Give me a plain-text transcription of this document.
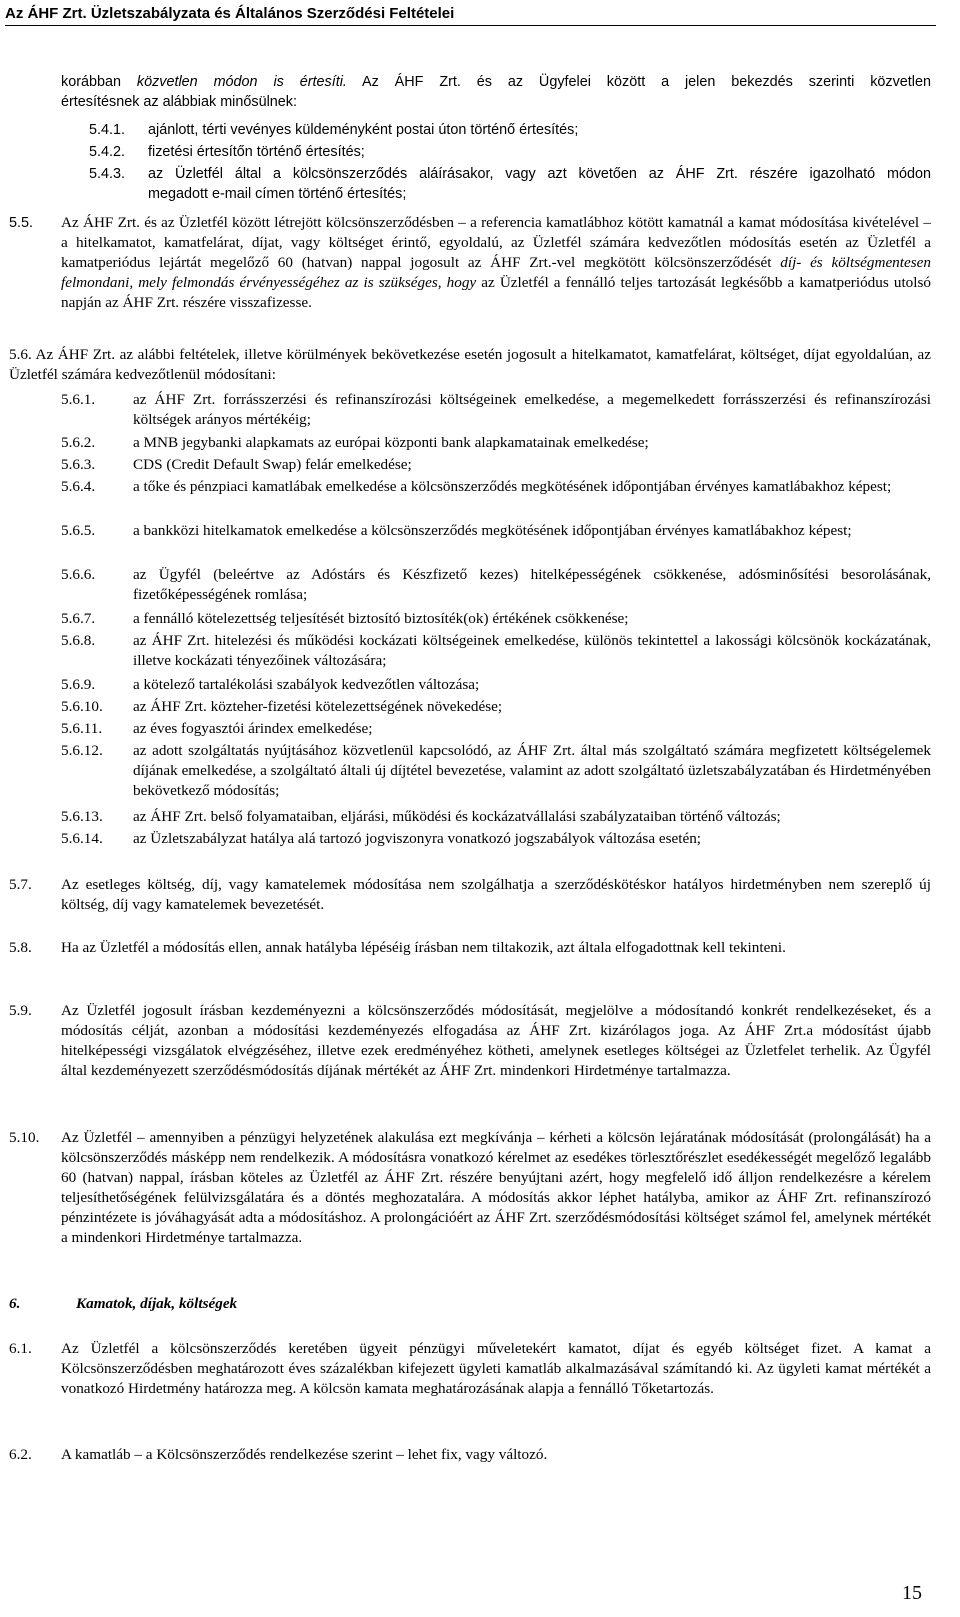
Az ÁHF Zrt. Üzletszabályzata és Általános Szerződési Feltételei
korábban közvetlen módon is értesíti. Az ÁHF Zrt. és az Ügyfelei között a jelen bekezdés szerinti közvetlen
értesítésnek az alábbiak minősülnek:
5.4.1. ajánlott, térti vevényes küldeményként postai úton történő értesítés;
5.4.2. fizetési értesítőn történő értesítés;
5.4.3. az Üzletfél által a kölcsönszerződés aláírásakor, vagy azt követően az ÁHF Zrt. részére igazolható módon
megadott e-mail címen történő értesítés;
5.5. Az ÁHF Zrt. és az Üzletfél között létrejött kölcsönszerződésben – a referencia kamatlábhoz kötött kamatnál a kamat módosítása kivételével – a hitelkamatot, kamatfelárat, díjat, vagy költséget érintő, egyoldalú, az Üzletfél számára kedvezőtlen módosítás esetén az Üzletfél a kamatperiódus lejártát megelőző 60 (hatvan) nappal jogosult az ÁHF Zrt.-vel megkötött kölcsönszerződését díj- és költségmentesen felmondani, mely felmondás érvényességéhez az is szükséges, hogy az Üzletfél a fennálló teljes tartozását legkésőbb a kamatperiódus utolsó napján az ÁHF Zrt. részére visszafizesse.
5.6. Az ÁHF Zrt. az alábbi feltételek, illetve körülmények bekövetkezése esetén jogosult a hitelkamatot, kamatfelárat, költséget, díjat egyoldalúan, az Üzletfél számára kedvezőtlenül módosítani:
5.6.1. az ÁHF Zrt. forrásszerzési és refinanszírozási költségeinek emelkedése, a megemelkedett forrásszerzési és refinanszírozási költségek arányos mértékéig;
5.6.2. a MNB jegybanki alapkamats az európai központi bank alapkamatainak emelkedése;
5.6.3. CDS (Credit Default Swap) felár emelkedése;
5.6.4. a tőke és pénzpiaci kamatlábak emelkedése a kölcsönszerződés megkötésének időpontjában érvényes kamatlábakhoz képest;
5.6.5. a bankközi hitelkamatok emelkedése a kölcsönszerződés megkötésének időpontjában érvényes kamatlábakhoz képest;
5.6.6. az Ügyfél (beleértve az Adóstárs és Készfizető kezes) hitelképességének csökkenése, adósminősítési besorolásának, fizetőképességének romlása;
5.6.7. a fennálló kötelezettség teljesítését biztosító biztosíték(ok) értékének csökkenése;
5.6.8. az ÁHF Zrt. hitelezési és működési kockázati költségeinek emelkedése, különös tekintettel a lakossági kölcsönök kockázatának, illetve kockázati tényezőinek változására;
5.6.9. a kötelező tartalékolási szabályok kedvezőtlen változása;
5.6.10. az ÁHF Zrt. közteher-fizetési kötelezettségének növekedése;
5.6.11. az éves fogyasztói árindex emelkedése;
5.6.12. az adott szolgáltatás nyújtásához közvetlenül kapcsolódó, az ÁHF Zrt. által más szolgáltató számára megfizetett költségelemek díjának emelkedése, a szolgáltató általi új díjtétel bevezetése, valamint az adott szolgáltató üzletszabályzatában és Hirdetményében bekövetkező módosítás;
5.6.13. az ÁHF Zrt. belső folyamataiban, eljárási, működési és kockázatvállalási szabályzataiban történő változás;
5.6.14. az Üzletszabályzat hatálya alá tartozó jogviszonyra vonatkozó jogszabályok változása esetén;
5.7. Az esetleges költség, díj, vagy kamatelemek módosítása nem szolgálhatja a szerződéskötéskor hatályos hirdetményben nem szereplő új költség, díj vagy kamatelemek bevezetését.
5.8. Ha az Üzletfél a módosítás ellen, annak hatályba lépéséig írásban nem tiltakozik, azt általa elfogadottnak kell tekinteni.
5.9. Az Üzletfél jogosult írásban kezdeményezni a kölcsönszerződés módosítását, megjelölve a módosítandó konkrét rendelkezéseket, és a módosítás célját, azonban a módosítási kezdeményezés elfogadása az ÁHF Zrt. kizárólagos joga. Az ÁHF Zrt.a módosítást újabb hitelképességi vizsgálatok elvégzéséhez, illetve ezek eredményéhez kötheti, amelynek esetleges költségei az Üzletfelet terhelik. Az Ügyfél által kezdeményezett szerződésmódosítás díjának mértékét az ÁHF Zrt. mindenkori Hirdetménye tartalmazza.
5.10. Az Üzletfél – amennyiben a pénzügyi helyzetének alakulása ezt megkívánja – kérheti a kölcsön lejáratának módosítását (prolongálását) ha a kölcsönszerződés másképp nem rendelkezik. A módosításra vonatkozó kérelmet az esedékes törlesztőrészlet esedékességét megelőző legalább 60 (hatvan) nappal, írásban köteles az Üzletfél az ÁHF Zrt. részére benyújtani azért, hogy megfelelő idő álljon rendelkezésre a kérelem teljesíthetőségének felülvizsgálatára és a döntés meghozatalára. A módosítás akkor léphet hatályba, amikor az ÁHF Zrt. refinanszírozó pénzintézete is jóváhagyását adta a módosításhoz. A prolongációért az ÁHF Zrt. szerződésmódosítási költséget számol fel, amelynek mértékét a mindenkori Hirdetménye tartalmazza.
6.	Kamatok, díjak, költségek
6.1. Az Üzletfél a kölcsönszerződés keretében ügyeit pénzügyi műveletekért kamatot, díjat és egyéb költséget fizet. A kamat a Kölcsönszerződésben meghatározott éves százalékban kifejezett ügyleti kamatláb alkalmazásával számítandó ki. Az ügyleti kamat mértékét a vonatkozó Hirdetmény határozza meg. A kölcsön kamata meghatározásának alapja a fennálló Tőketartozás.
6.2. A kamatláb – a Kölcsönszerződés rendelkezése szerint – lehet fix, vagy változó.
15
